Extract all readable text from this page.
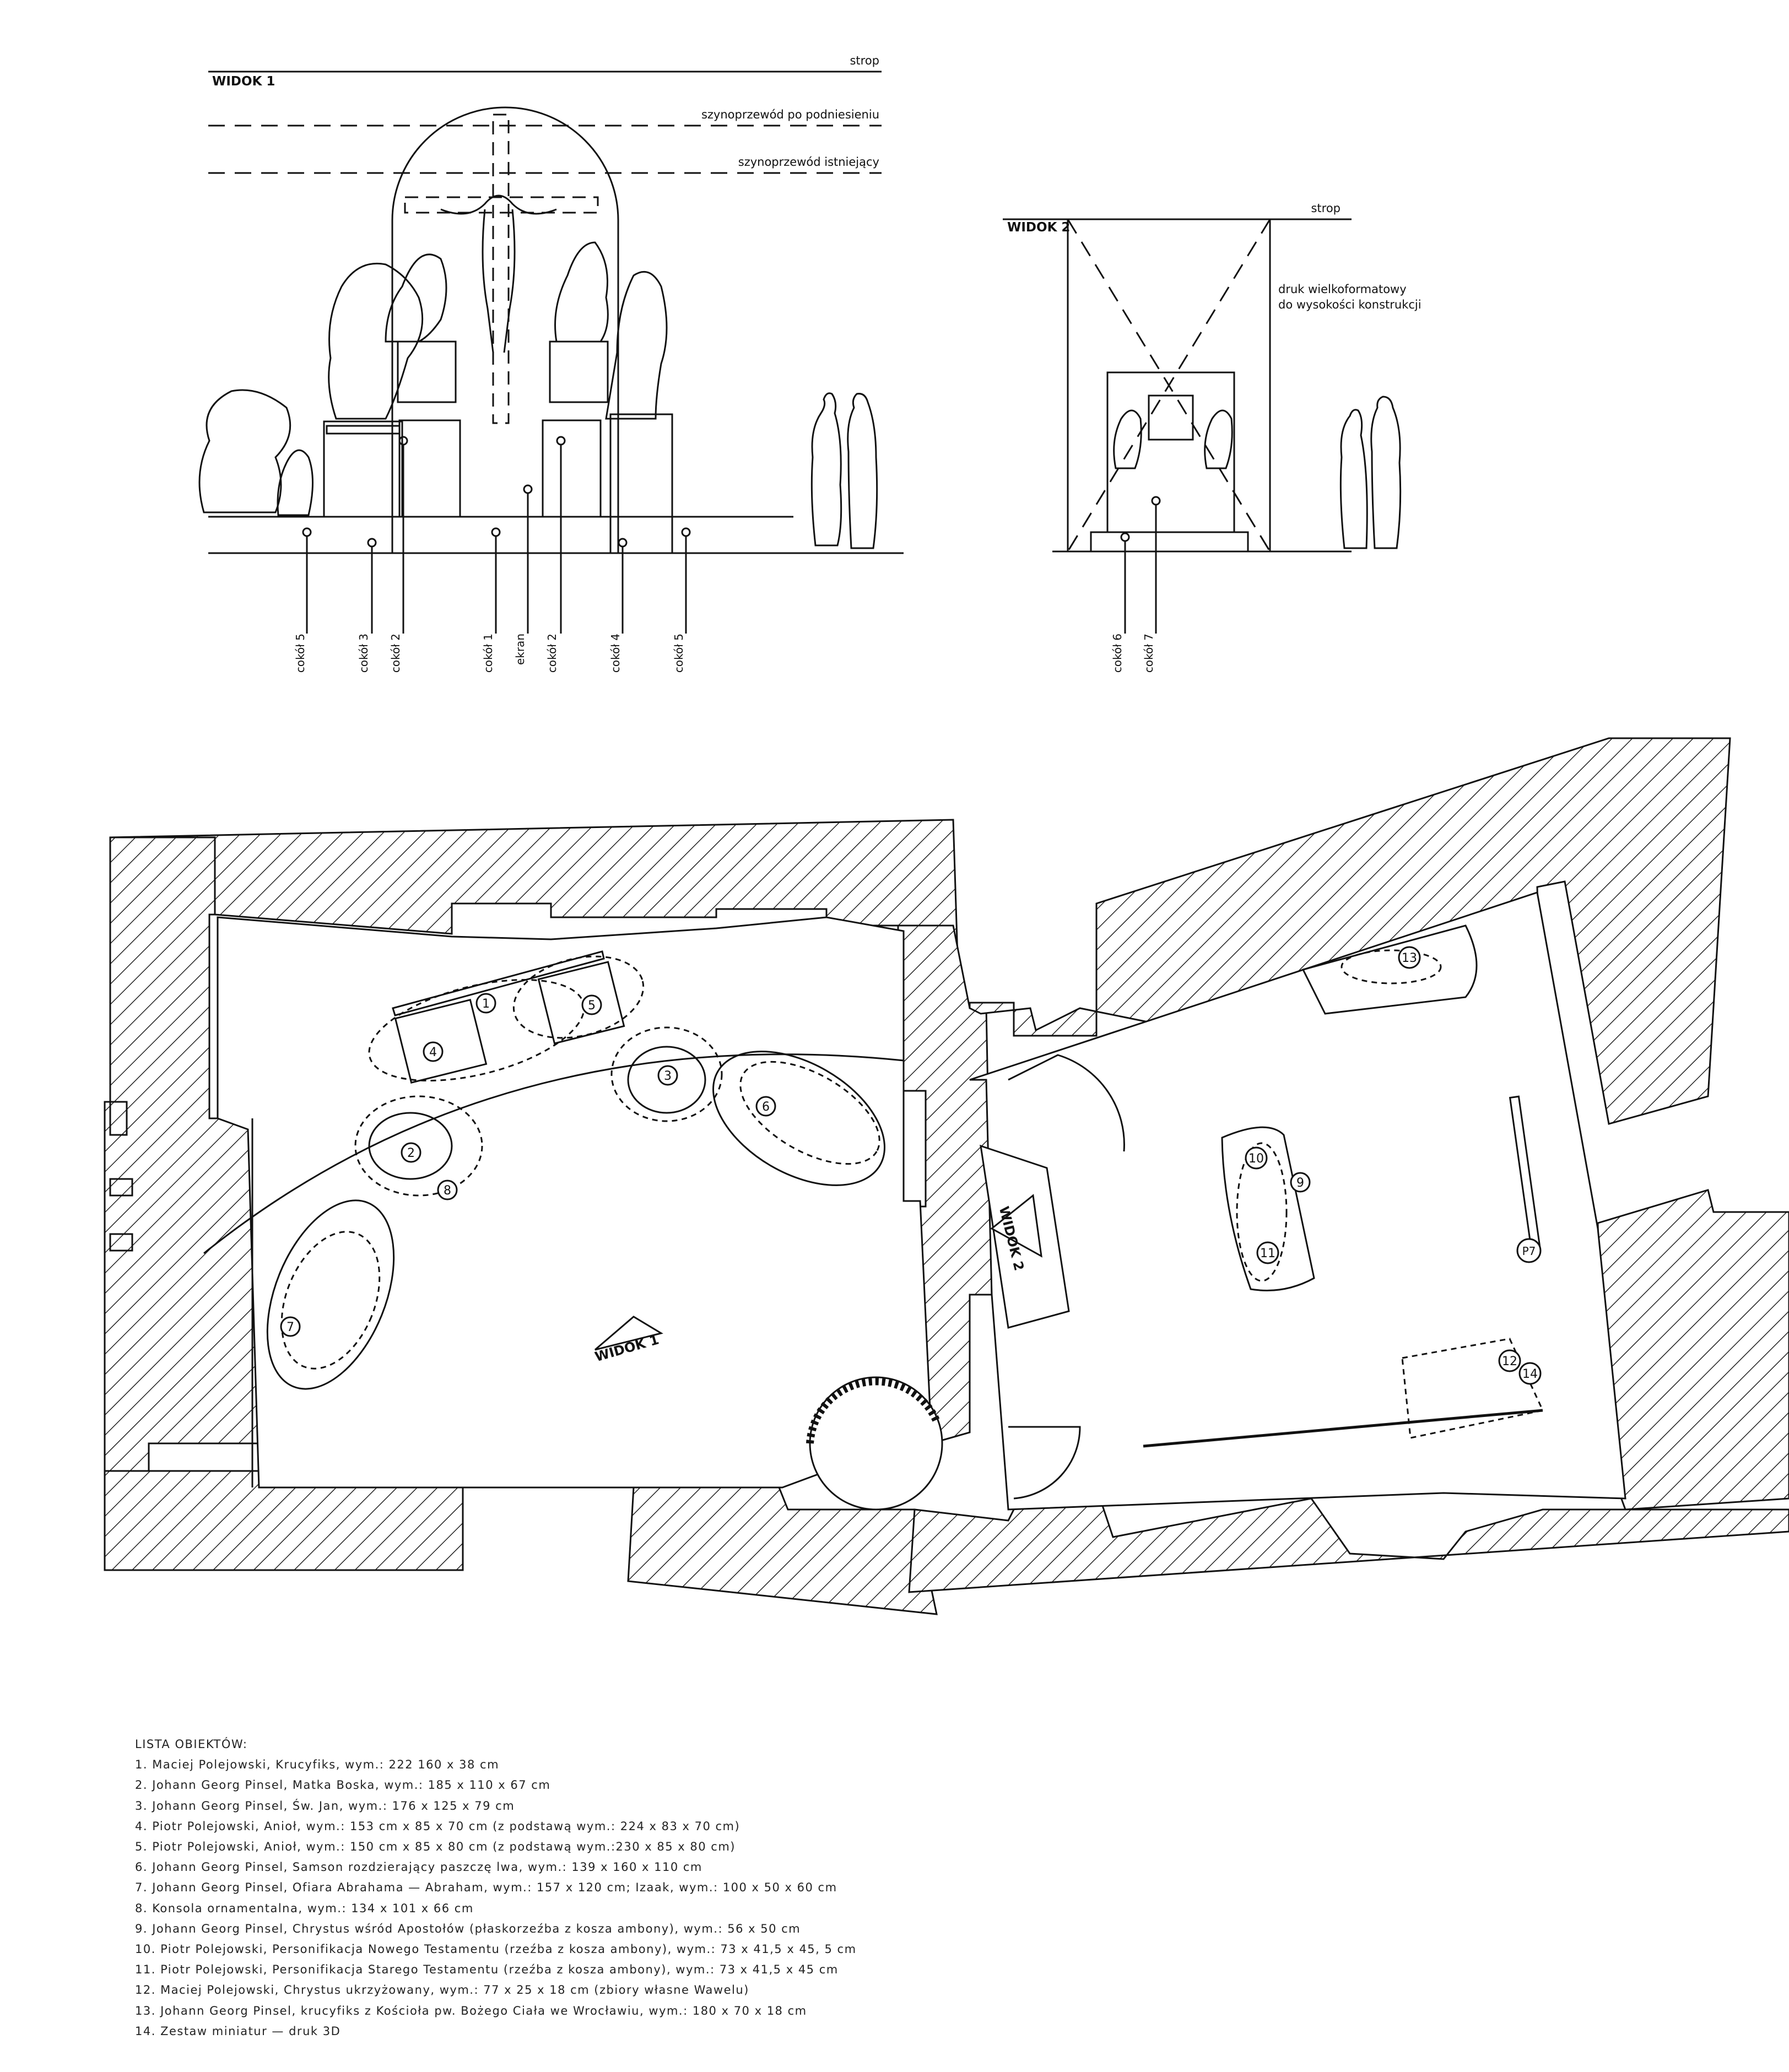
WIDOK 1
strop
szynoprzewód po podniesieniu
szynoprzewód istniejący
cokół 5	cokół 3 cokół 2	cokół 1 ekran cokół 2	cokół 4	cokół 5
WIDOK 2
strop
druk wielkoformatowy
do wysokości konstrukcji
cokół 6 cokół 7
1
2
3
4
5
6
7
8
9
10
11
12
13
14
P7
WIDOK 1
WIDOK 2
LISTA OBIEKTÓW:
1. Maciej Polejowski, Krucyfiks, wym.: 222 160 x 38 cm
2. Johann Georg Pinsel, Matka Boska, wym.: 185 x 110 x 67 cm
3. Johann Georg Pinsel, Św. Jan, wym.: 176 x 125 x 79 cm
4. Piotr Polejowski, Anioł, wym.: 153 cm x 85 x 70 cm (z podstawą wym.: 224 x 83 x 70 cm)
5. Piotr Polejowski, Anioł, wym.: 150 cm x 85 x 80 cm (z podstawą wym.:230 x 85 x 80 cm)
6. Johann Georg Pinsel, Samson rozdzierający paszczę lwa, wym.: 139 x 160 x 110 cm
7. Johann Georg Pinsel, Ofiara Abrahama — Abraham, wym.: 157 x 120 cm; Izaak, wym.: 100 x 50 x 60 cm
8. Konsola ornamentalna, wym.: 134 x 101 x 66 cm
9. Johann Georg Pinsel, Chrystus wśród Apostołów (płaskorzeźba z kosza ambony), wym.: 56 x 50 cm
10. Piotr Polejowski, Personifikacja Nowego Testamentu (rzeźba z kosza ambony), wym.: 73 x 41,5 x 45, 5 cm
11. Piotr Polejowski, Personifikacja Starego Testamentu (rzeźba z kosza ambony), wym.: 73 x 41,5 x 45 cm
12. Maciej Polejowski, Chrystus ukrzyżowany, wym.: 77 x 25 x 18 cm (zbiory własne Wawelu)
13. Johann Georg Pinsel, krucyfiks z Kościoła pw. Bożego Ciała we Wrocławiu, wym.: 180 x 70 x 18 cm
14. Zestaw miniatur — druk 3D
